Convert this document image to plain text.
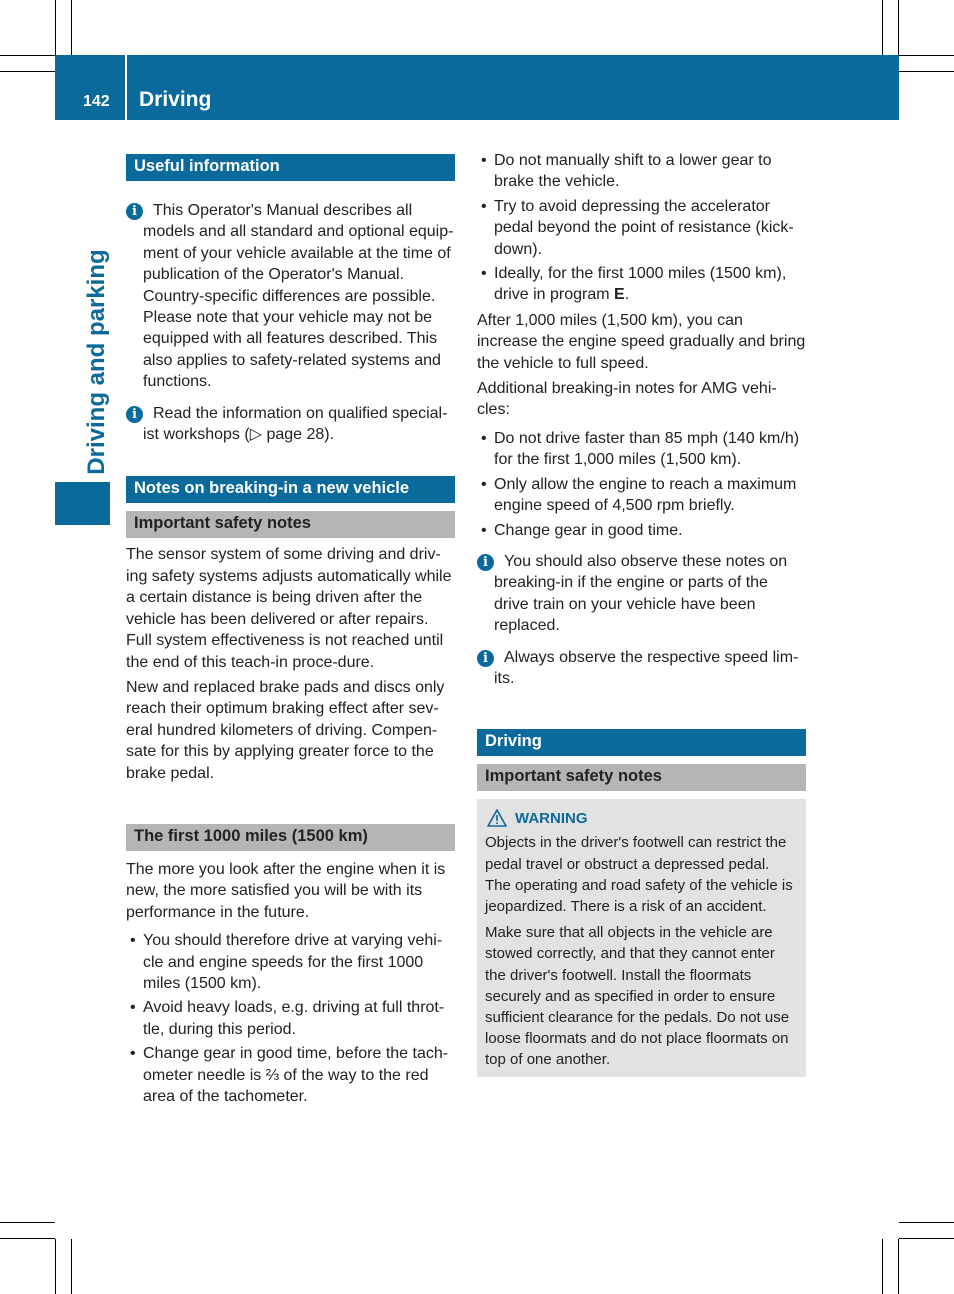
142 Driving
Driving and parking
Useful information
i	This Operator's Manual describes all
models and all standard and optional equip-ment of your vehicle available at the time of publication of the Operator's Manual. Country-specific differences are possible. Please note that your vehicle may not be equipped with all features described. This also applies to safety-related systems and functions.
i	Read the information on qualified special-
ist workshops (▷ page 28).
Notes on breaking-in a new vehicle
Important safety notes

The sensor system of some driving and driv-ing safety systems adjusts automatically while a certain distance is being driven after the vehicle has been delivered or after repairs. Full system effectiveness is not reached until the end of this teach-in proce-dure.

New and replaced brake pads and discs only reach their optimum braking effect after sev-eral hundred kilometers of driving. Compen-sate for this by applying greater force to the brake pedal.

The first 1000 miles (1500 km)

The more you look after the engine when it is new, the more satisfied you will be with its performance in the future.

• You should therefore drive at varying vehi-cle and engine speeds for the first 1000 miles (1500 km).
• Avoid heavy loads, e.g. driving at full throt-tle, during this period.
• Change gear in good time, before the tach-ometer needle is ⅔ of the way to the red area of the tachometer.
• Do not manually shift to a lower gear to brake the vehicle.
• Try to avoid depressing the accelerator pedal beyond the point of resistance (kick-down).
• Ideally, for the first 1000 miles (1500 km), drive in program E.

After 1,000 miles (1,500 km), you can increase the engine speed gradually and bring the vehicle to full speed.

Additional breaking-in notes for AMG vehi-cles:

• Do not drive faster than 85 mph (140 km/h) for the first 1,000 miles (1,500 km).
• Only allow the engine to reach a maximum engine speed of 4,500 rpm briefly.
• Change gear in good time.
i	You should also observe these notes on
breaking-in if the engine or parts of the drive train on your vehicle have been replaced.
i	Always observe the respective speed lim-
its.
Driving
Important safety notes
WARNING

Objects in the driver's footwell can restrict the pedal travel or obstruct a depressed pedal. The operating and road safety of the vehicle is jeopardized. There is a risk of an accident.

Make sure that all objects in the vehicle are stowed correctly, and that they cannot enter the driver's footwell. Install the floormats securely and as specified in order to ensure sufficient clearance for the pedals. Do not use loose floormats and do not place floormats on top of one another.
